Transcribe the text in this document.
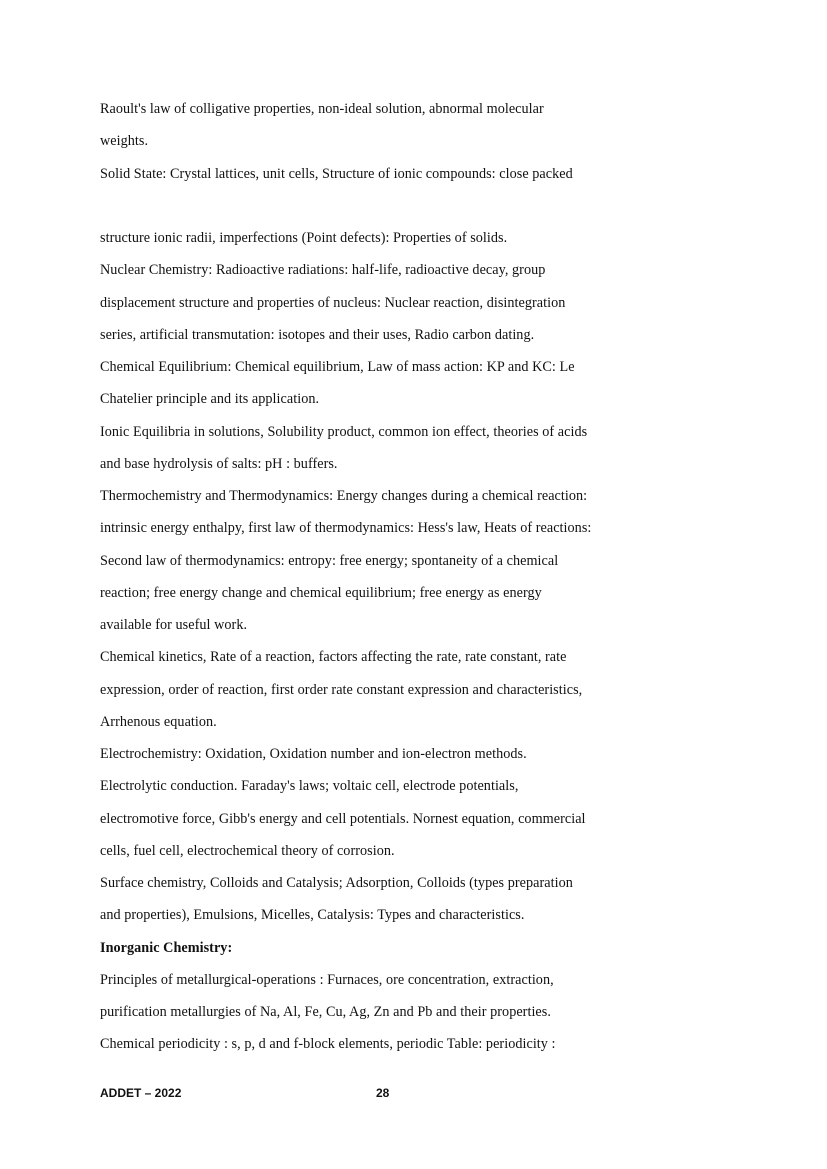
Raoult's law of colligative properties, non-ideal solution, abnormal molecular
weights.
Solid State: Crystal lattices, unit cells, Structure of ionic compounds: close packed
structure ionic radii, imperfections (Point defects): Properties of solids.
Nuclear Chemistry: Radioactive radiations: half-life, radioactive decay, group
displacement structure and properties of nucleus: Nuclear reaction, disintegration
series, artificial transmutation: isotopes and their uses, Radio carbon dating.
Chemical Equilibrium: Chemical equilibrium, Law of mass action: KP and KC: Le
Chatelier principle and its application.
Ionic Equilibria in solutions, Solubility product, common ion effect, theories of acids
and base hydrolysis of salts: pH : buffers.
Thermochemistry and Thermodynamics: Energy changes during a chemical reaction:
intrinsic energy enthalpy, first law of thermodynamics: Hess's law, Heats of reactions:
Second law of thermodynamics: entropy: free energy; spontaneity of a chemical
reaction; free energy change and chemical equilibrium; free energy as energy
available for useful work.
Chemical kinetics, Rate of a reaction, factors affecting the rate, rate constant, rate
expression, order of reaction, first order rate constant expression and characteristics,
Arrhenous equation.
Electrochemistry: Oxidation, Oxidation number and ion-electron methods.
Electrolytic conduction. Faraday's laws; voltaic cell, electrode potentials,
electromotive force, Gibb's energy and cell potentials. Nornest equation, commercial
cells, fuel cell, electrochemical theory of corrosion.
Surface chemistry, Colloids and Catalysis; Adsorption, Colloids (types preparation
and properties), Emulsions, Micelles, Catalysis: Types and characteristics.
Inorganic Chemistry:
Principles of metallurgical-operations : Furnaces, ore concentration, extraction,
purification metallurgies of Na, Al, Fe, Cu, Ag, Zn and Pb and their properties.
Chemical periodicity : s, p, d and f-block elements, periodic Table: periodicity :
ADDET – 2022	28
